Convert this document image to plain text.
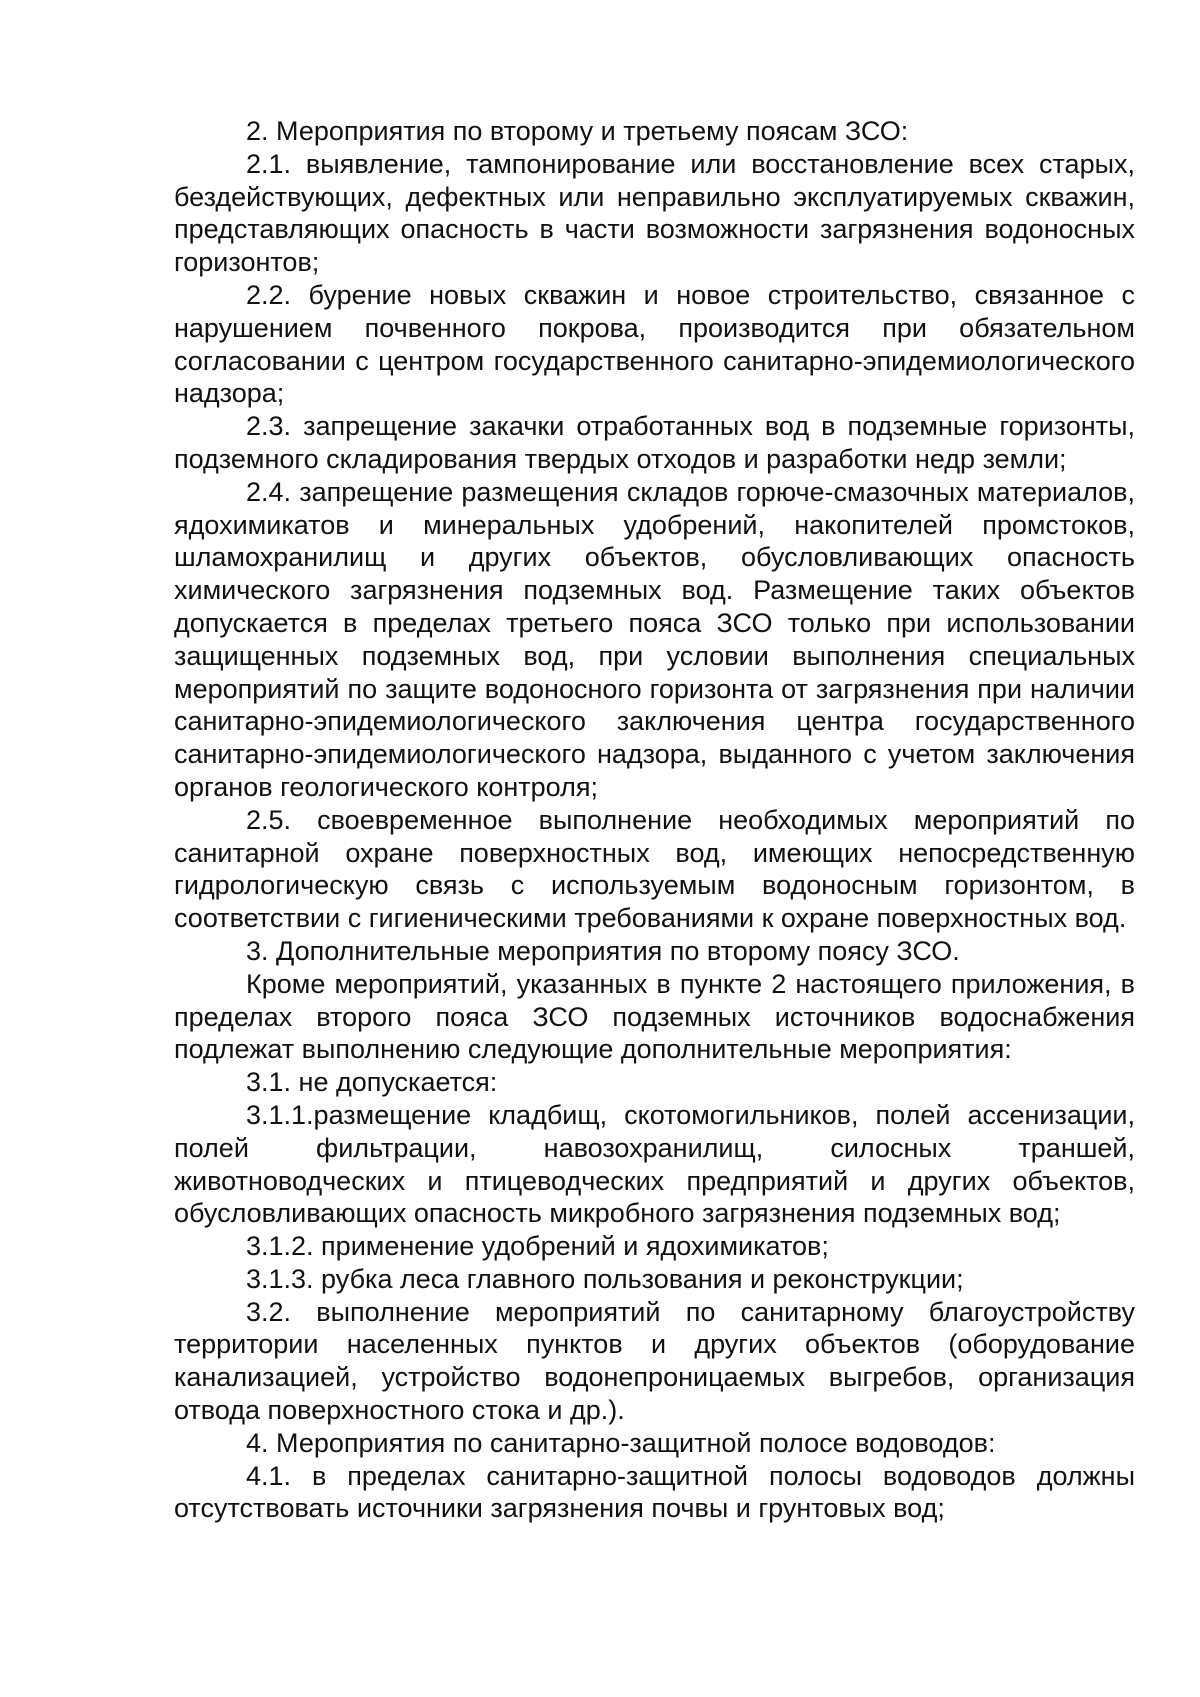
2. Мероприятия по второму и третьему поясам ЗСО:

2.1. выявление, тампонирование или восстановление всех старых, бездействующих, дефектных или неправильно эксплуатируемых скважин, представляющих опасность в части возможности загрязнения водоносных горизонтов;

2.2. бурение новых скважин и новое строительство, связанное с нарушением почвенного покрова, производится при обязательном согласовании с центром государственного санитарно-эпидемиологического надзора;

2.3. запрещение закачки отработанных вод в подземные горизонты, подземного складирования твердых отходов и разработки недр земли;

2.4. запрещение размещения складов горюче-смазочных материалов, ядохимикатов и минеральных удобрений, накопителей промстоков, шламохранилищ и других объектов, обусловливающих опасность химического загрязнения подземных вод. Размещение таких объектов допускается в пределах третьего пояса ЗСО только при использовании защищенных подземных вод, при условии выполнения специальных мероприятий по защите водоносного горизонта от загрязнения при наличии санитарно-эпидемиологического заключения центра государственного санитарно-эпидемиологического надзора, выданного с учетом заключения органов геологического контроля;

2.5. своевременное выполнение необходимых мероприятий по санитарной охране поверхностных вод, имеющих непосредственную гидрологическую связь с используемым водоносным горизонтом, в соответствии с гигиеническими требованиями к охране поверхностных вод.

3. Дополнительные мероприятия по второму поясу ЗСО.

Кроме мероприятий, указанных в пункте 2 настоящего приложения, в пределах второго пояса ЗСО подземных источников водоснабжения подлежат выполнению следующие дополнительные мероприятия:

3.1. не допускается:

3.1.1.размещение кладбищ, скотомогильников, полей ассенизации, полей фильтрации, навозохранилищ, силосных траншей, животноводческих и птицеводческих предприятий и других объектов, обусловливающих опасность микробного загрязнения подземных вод;

3.1.2. применение удобрений и ядохимикатов;

3.1.3. рубка леса главного пользования и реконструкции;

3.2. выполнение мероприятий по санитарному благоустройству территории населенных пунктов и других объектов (оборудование канализацией, устройство водонепроницаемых выгребов, организация отвода поверхностного стока и др.).

4. Мероприятия по санитарно-защитной полосе водоводов:

4.1. в пределах санитарно-защитной полосы водоводов должны отсутствовать источники загрязнения почвы и грунтовых вод;
